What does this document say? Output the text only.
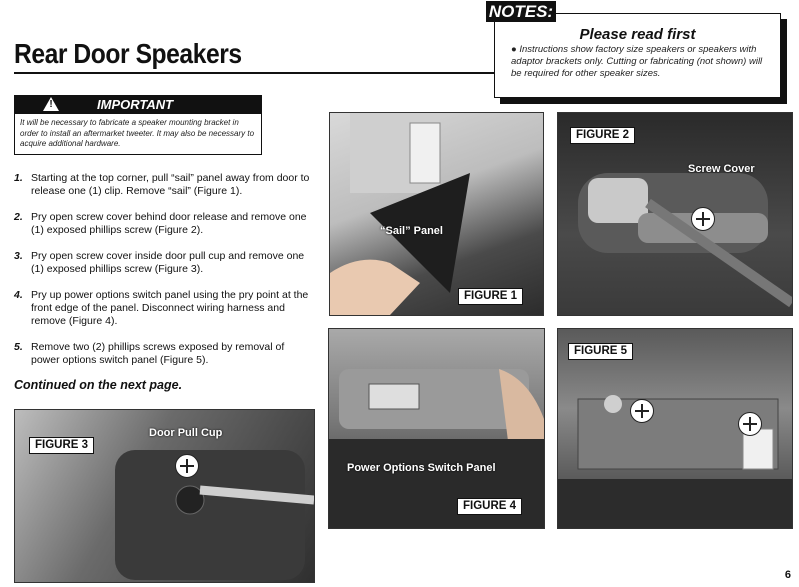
Rear Door Speakers
Please read first
● Instructions show factory size speakers or speakers with adaptor brackets only. Cutting or fabricating (not shown) will be required for other speaker sizes.
NOTES:
!	IMPORTANT
It will be necessary to fabricate a speaker mounting bracket in order to install an aftermarket tweeter. It may also be necessary to acquire additional hardware.
1. Starting at the top corner, pull “sail” panel away from door to release one (1) clip. Remove “sail” (Figure 1).
2. Pry open screw cover behind door release and remove one (1) exposed phillips screw (Figure 2).
3. Pry open screw cover inside door pull cup and remove one (1) exposed phillips screw (Figure 3).
4. Pry up power options switch panel using the pry point at the front edge of the panel. Disconnect wiring harness and remove (Figure 4).
5. Remove two (2) phillips screws exposed by removal of power options switch panel (Figure 5).
Continued on the next page.
“Sail” Panel
FIGURE 1
Screw Cover
FIGURE 2
Door Pull Cup
FIGURE 3
Power Options Switch Panel
FIGURE 4
FIGURE 5
6
